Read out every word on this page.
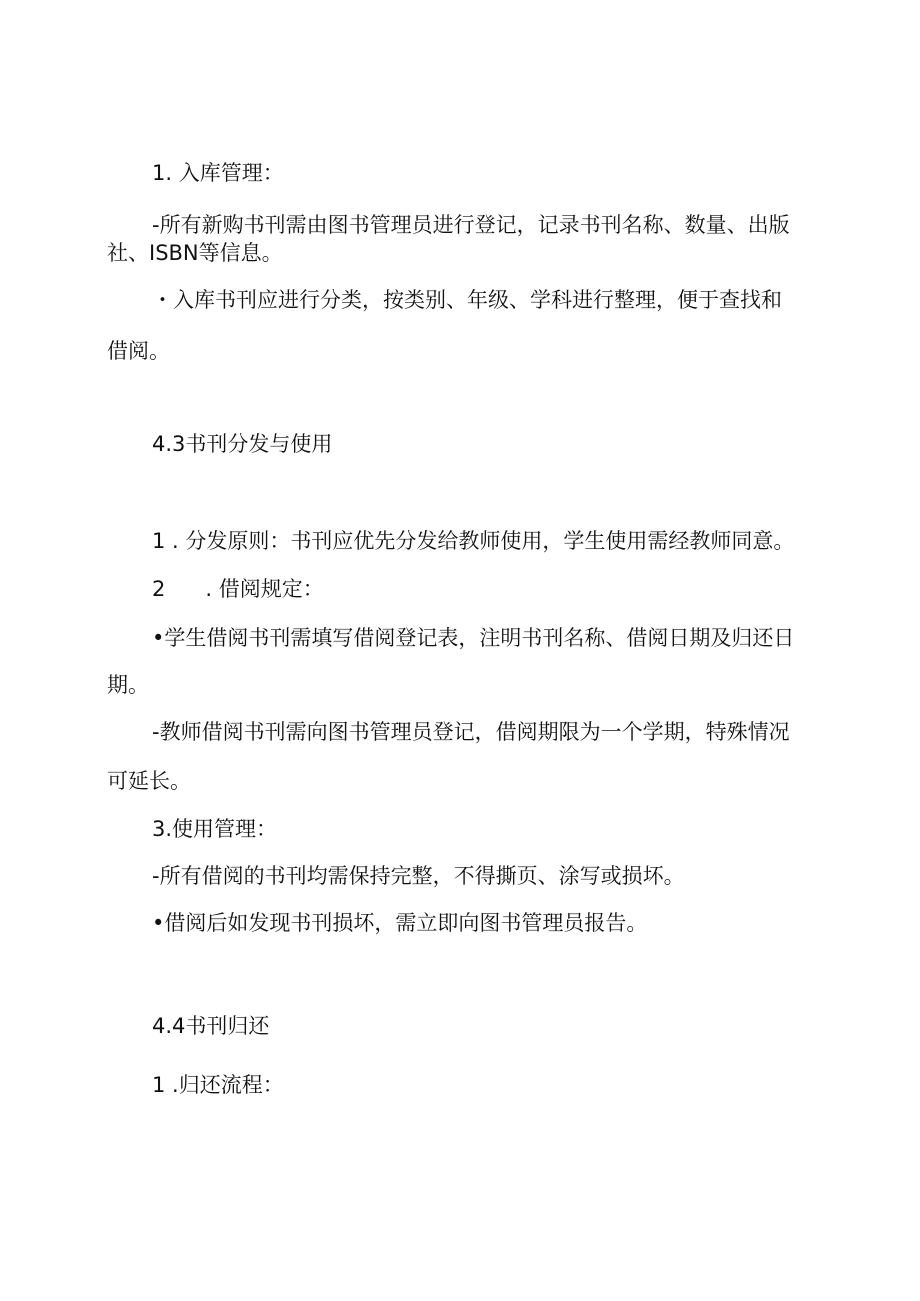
1. 入库管理：

-所有新购书刊需由图书管理员进行登记，记录书刊名称、数量、出版

社、ISBN等信息。

・入库书刊应进行分类，按类别、年级、学科进行整理，便于查找和

借阅。

4.3书刊分发与使用

1 . 分发原则：书刊应优先分发给教师使用，学生使用需经教师同意。

2      . 借阅规定：

•学生借阅书刊需填写借阅登记表，注明书刊名称、借阅日期及归还日

期。

-教师借阅书刊需向图书管理员登记，借阅期限为一个学期，特殊情况

可延长。

3.使用管理：

-所有借阅的书刊均需保持完整，不得撕页、涂写或损坏。

•借阅后如发现书刊损坏，需立即向图书管理员报告。

4.4书刊归还

1 .归还流程：
